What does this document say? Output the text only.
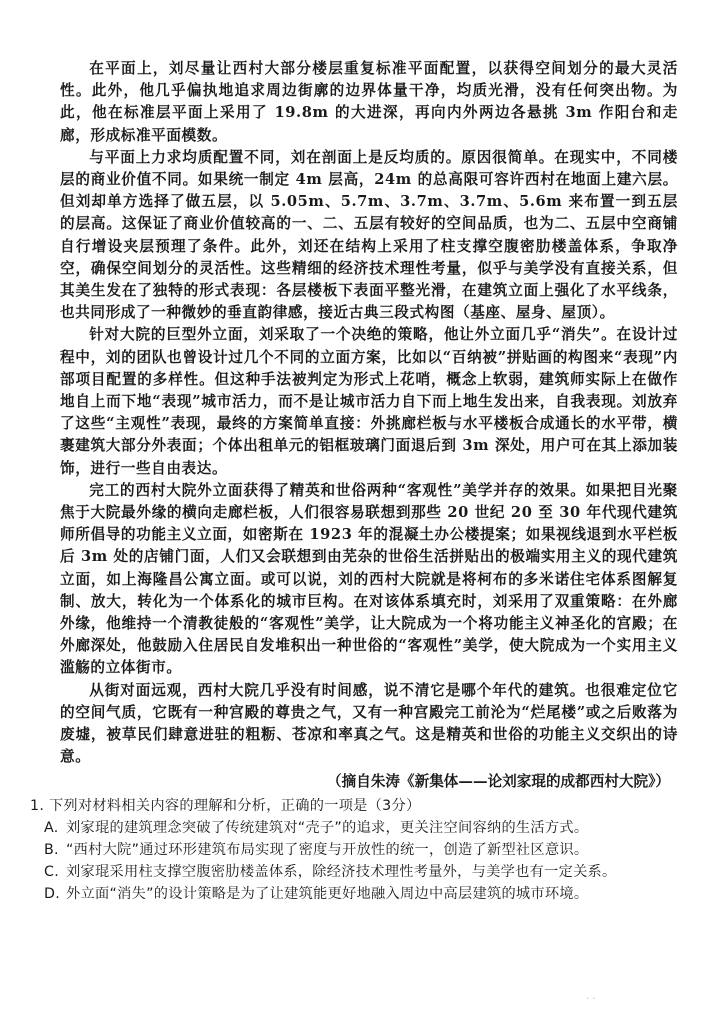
在平面上，刘尽量让西村大部分楼层重复标准平面配置，以获得空间划分的最大灵活性。此外，他几乎偏执地追求周边街廓的边界体量干净，均质光滑，没有任何突出物。为此，他在标准层平面上采用了 19.8m 的大进深，再向内外两边各悬挑 3m 作阳台和走廊，形成标准平面模数。

与平面上力求均质配置不同，刘在剖面上是反均质的。原因很简单。在现实中，不同楼层的商业价值不同。如果统一制定 4m 层高，24m 的总高限可容许西村在地面上建六层。但刘却单方选择了做五层，以 5.05m、5.7m、3.7m、3.7m、5.6m 来布置一到五层的层高。这保证了商业价值较高的一、二、五层有较好的空间品质，也为二、五层中空商铺自行增设夹层预理了条件。此外，刘还在结构上采用了柱支撑空腹密肋楼盖体系，争取净空，确保空间划分的灵活性。这些精细的经济技术理性考量，似乎与美学没有直接关系，但其美生发在了独特的形式表现：各层楼板下表面平整光滑，在建筑立面上强化了水平线条，也共同形成了一种微妙的垂直韵律感，接近古典三段式构图（基座、屋身、屋顶）。

针对大院的巨型外立面，刘采取了一个决绝的策略，他让外立面几乎“消失”。在设计过程中，刘的团队也曾设计过几个不同的立面方案，比如以“百纳被”拼贴画的构图来“表现”内部项目配置的多样性。但这种手法被判定为形式上花哨，概念上软弱，建筑师实际上在做作地自上而下地“表现”城市活力，而不是让城市活力自下而上地生发出来，自我表现。刘放弃了这些“主观性”表现，最终的方案简单直接：外挑廊栏板与水平楼板合成通长的水平带，横裹建筑大部分外表面；个体出租单元的铝框玻璃门面退后到 3m 深处，用户可在其上添加装饰，进行一些自由表达。

完工的西村大院外立面获得了精英和世俗两种“客观性”美学并存的效果。如果把目光聚焦于大院最外缘的横向走廊栏板，人们很容易联想到那些 20 世纪 20 至 30 年代现代建筑师所倡导的功能主义立面，如密斯在 1923 年的混凝土办公楼提案；如果视线退到水平栏板后 3m 处的店铺门面，人们又会联想到由芜杂的世俗生活拼贴出的极端实用主义的现代建筑立面，如上海隆昌公寓立面。或可以说，刘的西村大院就是将柯布的多米诺住宅体系图解复制、放大，转化为一个体系化的城市巨构。在对该体系填充时，刘采用了双重策略：在外廊外缘，他维持一个清教徒般的“客观性”美学，让大院成为一个将功能主义神圣化的宫殿；在外廊深处，他鼓励入住居民自发堆积出一种世俗的“客观性”美学，使大院成为一个实用主义滥觞的立体街市。

从街对面远观，西村大院几乎没有时间感，说不清它是哪个年代的建筑。也很难定位它的空间气质，它既有一种宫殿的尊贵之气，又有一种宫殿完工前沦为“烂尾楼”或之后败落为废墟，被草民们肆意进驻的粗粝、苍凉和率真之气。这是精英和世俗的功能主义交织出的诗意。

（摘自朱涛《新集体——论刘家琨的成都西村大院》）

1. 下列对材料相关内容的理解和分析，正确的一项是（3分）

A. 刘家琨的建筑理念突破了传统建筑对“壳子”的追求，更关注空间容纳的生活方式。
B. “西村大院”通过环形建筑布局实现了密度与开放性的统一，创造了新型社区意识。
C. 刘家琨采用柱支撑空腹密肋楼盖体系，除经济技术理性考量外，与美学也有一定关系。
D. 外立面“消失”的设计策略是为了让建筑能更好地融入周边中高层建筑的城市环境。
· ·
